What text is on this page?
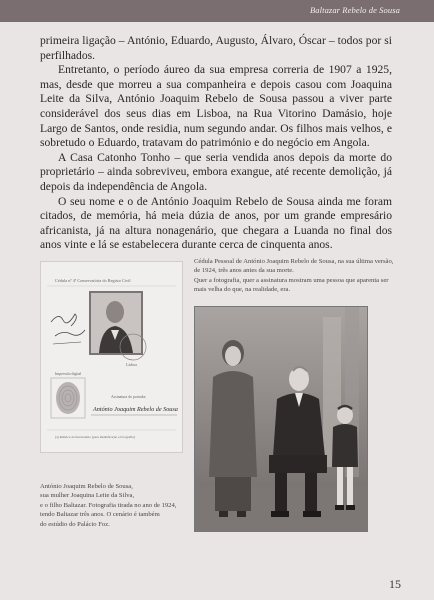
Baltazar Rebelo de Sousa

primeira ligação – António, Eduardo, Augusto, Álvaro, Óscar – todos por si perfilhados.

Entretanto, o período áureo da sua empresa correria de 1907 a 1925, mas, desde que morreu a sua companheira e depois casou com Joaquina Leite da Silva, António Joaquim Rebelo de Sousa passou a viver parte considerável dos seus dias em Lisboa, na Rua Vitorino Damásio, hoje Largo de Santos, onde residia, num segundo andar. Os filhos mais velhos, e sobretudo o Eduardo, tratavam do património e do negócio em Angola.

A Casa Catonho Tonho – que seria vendida anos depois da morte do proprietário – ainda sobreviveu, embora exangue, até recente demolição, já depois da independência de Angola.

O seu nome e o de António Joaquim Rebelo de Sousa ainda me foram citados, de memória, há meia dúzia de anos, por um grande empresário africanista, já na altura nonagenário, que chegara a Luanda no final dos anos vinte e lá se estabelecera durante cerca de cinquenta anos.

Cédula nº 4ª Conservatória do Registo Civil
Lisboa
Impressão digital
Assinatura do portador
António Joaquim Rebelo de Sousa
(a) Rubrica do funcionário (para identificação e fotografia)

Cédula Pessoal de António Joaquim Rebelo de Sousa, na sua última versão, de 1924, três anos antes da sua morte.

Quer a fotografia, quer a assinatura mostram uma pessoa que aparenta ser mais velha do que, na realidade, era.

António Joaquim Rebelo de Sousa,

sua mulher Joaquina Leite da Silva,

e o filho Baltazar. Fotografia tirada no ano de 1924,

tendo Baltazar três anos. O cenário é também

do estúdio do Palácio Foz.

15
